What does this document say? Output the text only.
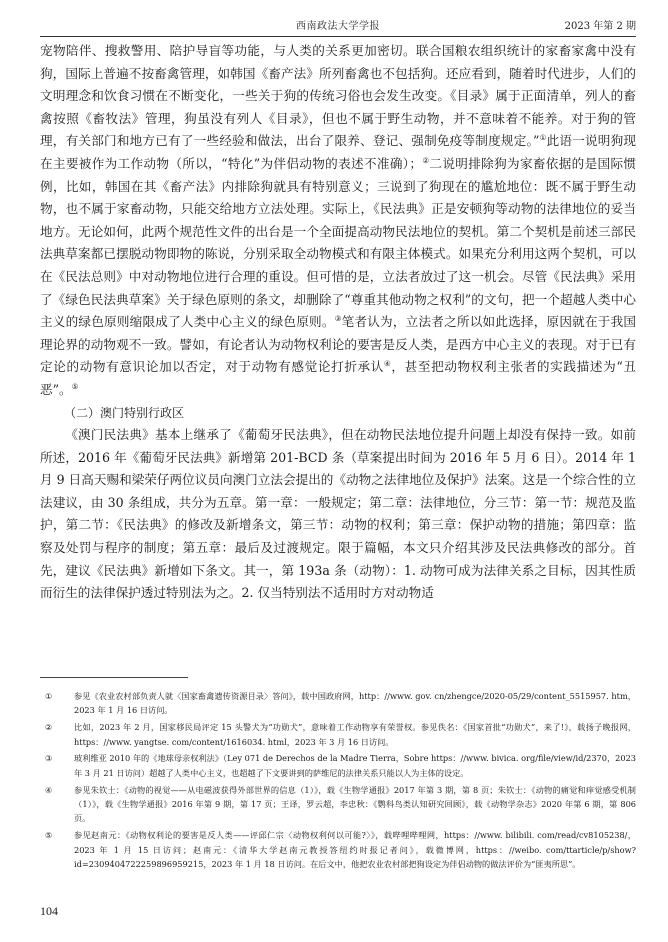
西南政法大学学报	2023 年第 2 期

宠物陪伴、搜救警用、陪护导盲等功能，与人类的关系更加密切。联合国粮农组织统计的家畜家禽中没有狗，国际上普遍不按畜禽管理，如韩国《畜产法》所列畜禽也不包括狗。还应看到，随着时代进步，人们的文明理念和饮食习惯在不断变化，一些关于狗的传统习俗也会发生改变。《目录》属于正面清单，列人的畜禽按照《畜牧法》管理，狗虽没有列人《目录》，但也不属于野生动物，并不意味着不能养。对于狗的管理，有关部门和地方已有了一些经验和做法，出台了限养、登记、强制免疫等制度规定。”①此语一说明狗现在主要被作为工作动物（所以，“特化”为伴侣动物的表述不准确）；②二说明排除狗为家畜依据的是国际惯例，比如，韩国在其《畜产法》内排除狗就具有特别意义；三说到了狗现在的尴尬地位：既不属于野生动物，也不属于家畜动物，只能交给地方立法处理。实际上，《民法典》正是安顿狗等动物的法律地位的妥当地方。无论如何，此两个规范性文件的出台是一个全面提高动物民法地位的契机。第二个契机是前述三部民法典草案都已摆脱动物即物的陈说，分别采取全动物模式和有限主体模式。如果充分利用这两个契机，可以在《民法总则》中对动物地位进行合理的重设。但可惜的是，立法者放过了这一机会。尽管《民法典》采用了《绿色民法典草案》关于绿色原则的条文，却删除了“尊重其他动物之权利”的文句，把一个超越人类中心主义的绿色原则缩限成了人类中心主义的绿色原则。③笔者认为，立法者之所以如此选择，原因就在于我国理论界的动物观不一致。譬如，有论者认为动物权利论的要害是反人类，是西方中心主义的表现。对于已有定论的动物有意识论加以否定，对于动物有感觉论打折承认④，甚至把动物权利主张者的实践描述为“丑恶”。⑤

（二）澳门特别行政区

《澳门民法典》基本上继承了《葡萄牙民法典》，但在动物民法地位提升问题上却没有保持一致。如前所述，2016 年《葡萄牙民法典》新增第 201-BCD 条（草案提出时间为 2016 年 5 月 6 日）。2014 年 1 月 9 日高天赐和梁荣仔两位议员向澳门立法会提出的《动物之法律地位及保护》法案。这是一个综合性的立法建议，由 30 条组成，共分为五章。第一章：一般规定；第二章：法律地位，分三节：第一节：规范及监护，第二节：《民法典》的修改及新增条文，第三节：动物的权利；第三章：保护动物的措施；第四章：监察及处罚与程序的制度；第五章：最后及过渡规定。限于篇幅，本文只介绍其涉及民法典修改的部分。首先，建议《民法典》新增如下条文。其一，第 193a 条（动物）：1. 动物可成为法律关系之目标，因其性质而衍生的法律保护透过特别法为之。2. 仅当特别法不适用时方对动物适

①	参见《农业农村部负责人就〈国家畜禽遗传资源目录〉答问》，载中国政府网，http：//www. gov. cn/zhengce/2020-05/29/content_5515957. htm，2023 年 1 月 16 日访问。
②	比如，2023 年 2 月，国家移民局评定 15 头警犬为“功勋犬”，意味着工作动物享有荣誉权。参见佚名：《国家首批“功勋犬”，来了!》，载扬子晚报网，https：//www. yangtse. com/content/1616034. html，2023 年 3 月 16 日访问。
③	玻利维亚 2010 年的《地球母亲权利法》（Ley 071 de Derechos de la Madre Tierra，Sobre https：//www. bivica. org/file/view/id/2370，2023 年 3 月 21 日访问）超越了人类中心主义，也超越了下文要讲到的萨维尼的法律关系只能以人为主体的设定。
④	参见朱钦士：《动物的视觉——从电磁波获得外部世界的信息（1）》，载《生物学通报》2017 年第 3 期，第 8 页；朱钦士：《动物的痛觉和痒觉感受机制（1）》，载《生物学通报》2016 年第 9 期，第 17 页；王译，罗云超，李忠秋：《鹦科鸟类认知研究回顾》，载《动物学杂志》2020 年第 6 期，第 806 页。
⑤	参见赵南元：《动物权利论的要害是反人类——评邱仁宗〈动物权利何以可能?〉》，载哔哩哔哩网，https：//www. bilibili. com/read/cv8105238/，2023 年 1 月 15 日访问；赵南元：《清华大学赵南元教授答纽约时报记者问》，载微博网，https：//weibo. com/ttarticle/p/show? id=2309404722259896959215，2023 年 1 月 18 日访问。在后文中，他把农业农村部把狗设定为伴侣动物的做法评价为“匪夷所思”。
104
